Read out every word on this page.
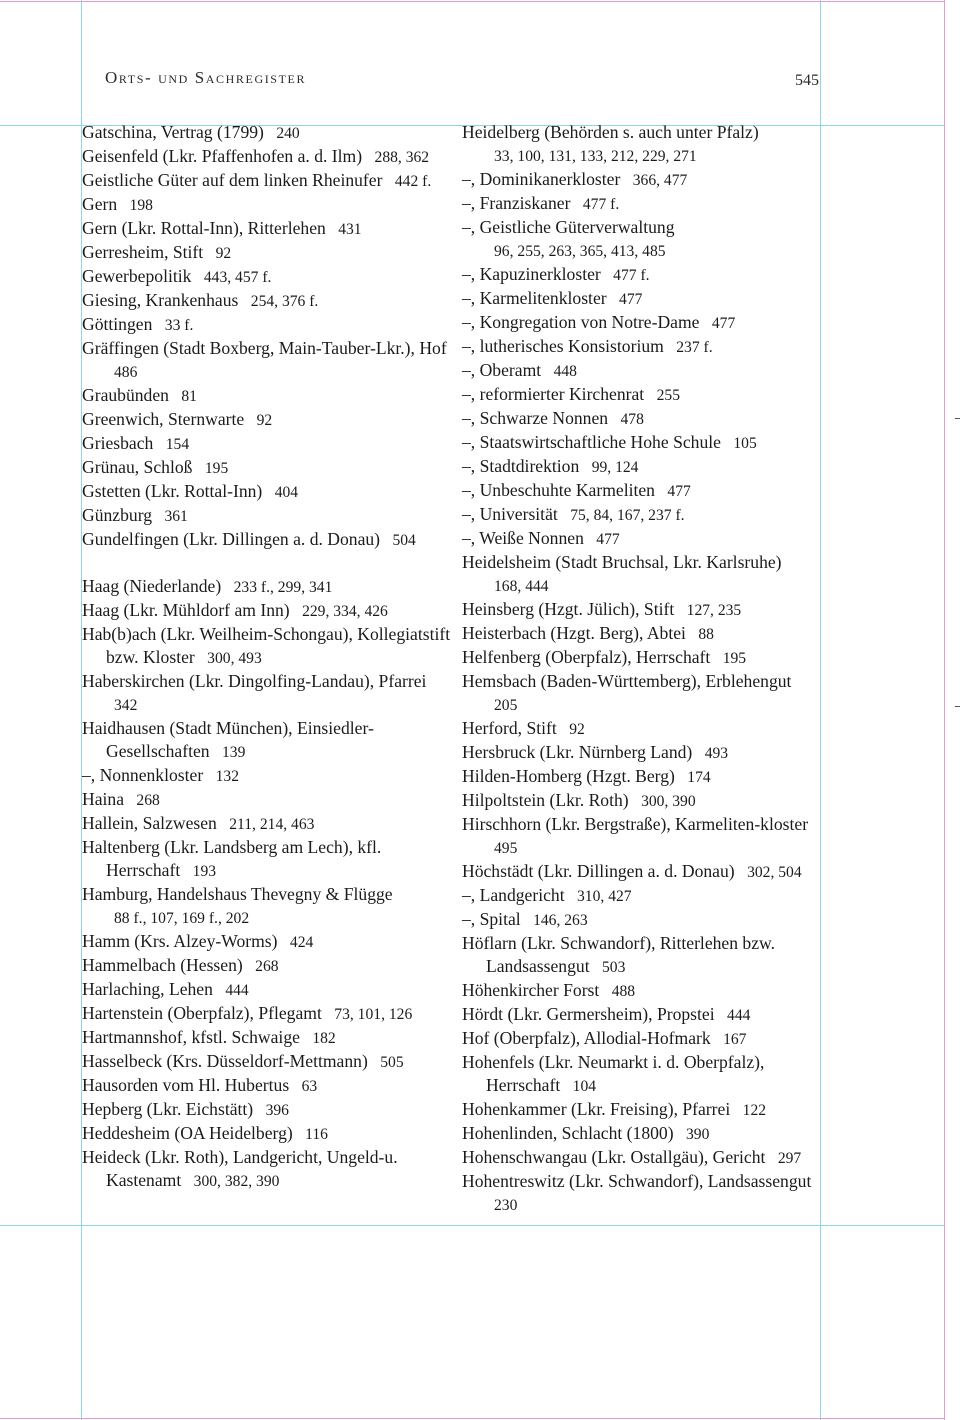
Orts- und Sachregister	545
Gatschina, Vertrag (1799) 240
Geisenfeld (Lkr. Pfaffenhofen a. d. Ilm) 288, 362
Geistliche Güter auf dem linken Rheinufer 442 f.
Gern 198
Gern (Lkr. Rottal-Inn), Ritterlehen 431
Gerresheim, Stift 92
Gewerbepolitik 443, 457 f.
Giesing, Krankenhaus 254, 376 f.
Göttingen 33 f.
Gräffingen (Stadt Boxberg, Main-Tauber-Lkr.), Hof 486
Graubünden 81
Greenwich, Sternwarte 92
Griesbach 154
Grünau, Schloß 195
Gstetten (Lkr. Rottal-Inn) 404
Günzburg 361
Gundelfingen (Lkr. Dillingen a. d. Donau) 504
Haag (Niederlande) 233 f., 299, 341
Haag (Lkr. Mühldorf am Inn) 229, 334, 426
Hab(b)ach (Lkr. Weilheim-Schongau), Kollegiatstift bzw. Kloster 300, 493
Haberskirchen (Lkr. Dingolfing-Landau), Pfarrei 342
Haidhausen (Stadt München), Einsiedler-Gesellschaften 139
–, Nonnenkloster 132
Haina 268
Hallein, Salzwesen 211, 214, 463
Haltenberg (Lkr. Landsberg am Lech), kfl. Herrschaft 193
Hamburg, Handelshaus Thevegny & Flügge 88 f., 107, 169 f., 202
Hamm (Krs. Alzey-Worms) 424
Hammelbach (Hessen) 268
Harlaching, Lehen 444
Hartenstein (Oberpfalz), Pflegamt 73, 101, 126
Hartmannshof, kfstl. Schwaige 182
Hasselbeck (Krs. Düsseldorf-Mettmann) 505
Hausorden vom Hl. Hubertus 63
Hepberg (Lkr. Eichstätt) 396
Heddesheim (OA Heidelberg) 116
Heideck (Lkr. Roth), Landgericht, Ungeld-u. Kastenamt 300, 382, 390
Heidelberg (Behörden s. auch unter Pfalz) 33, 100, 131, 133, 212, 229, 271
–, Dominikanerkloster 366, 477
–, Franziskaner 477 f.
–, Geistliche Güterverwaltung 96, 255, 263, 365, 413, 485
–, Kapuzinerkloster 477 f.
–, Karmelitenkloster 477
–, Kongregation von Notre-Dame 477
–, lutherisches Konsistorium 237 f.
–, Oberamt 448
–, reformierter Kirchenrat 255
–, Schwarze Nonnen 478
–, Staatswirtschaftliche Hohe Schule 105
–, Stadtdirektion 99, 124
–, Unbeschuhte Karmeliten 477
–, Universität 75, 84, 167, 237 f.
–, Weiße Nonnen 477
Heidelsheim (Stadt Bruchsal, Lkr. Karlsruhe) 168, 444
Heinsberg (Hzgt. Jülich), Stift 127, 235
Heisterbach (Hzgt. Berg), Abtei 88
Helfenberg (Oberpfalz), Herrschaft 195
Hemsbach (Baden-Württemberg), Erblehengut 205
Herford, Stift 92
Hersbruck (Lkr. Nürnberg Land) 493
Hilden-Homberg (Hzgt. Berg) 174
Hilpoltstein (Lkr. Roth) 300, 390
Hirschhorn (Lkr. Bergstraße), Karmeliten-kloster 495
Höchstädt (Lkr. Dillingen a. d. Donau) 302, 504
–, Landgericht 310, 427
–, Spital 146, 263
Höflarn (Lkr. Schwandorf), Ritterlehen bzw. Landsassengut 503
Höhenkircher Forst 488
Hördt (Lkr. Germersheim), Propstei 444
Hof (Oberpfalz), Allodial-Hofmark 167
Hohenfels (Lkr. Neumarkt i. d. Oberpfalz), Herrschaft 104
Hohenkammer (Lkr. Freising), Pfarrei 122
Hohenlinden, Schlacht (1800) 390
Hohenschwangau (Lkr. Ostallgäu), Gericht 297
Hohentreswitz (Lkr. Schwandorf), Landsassengut 230
